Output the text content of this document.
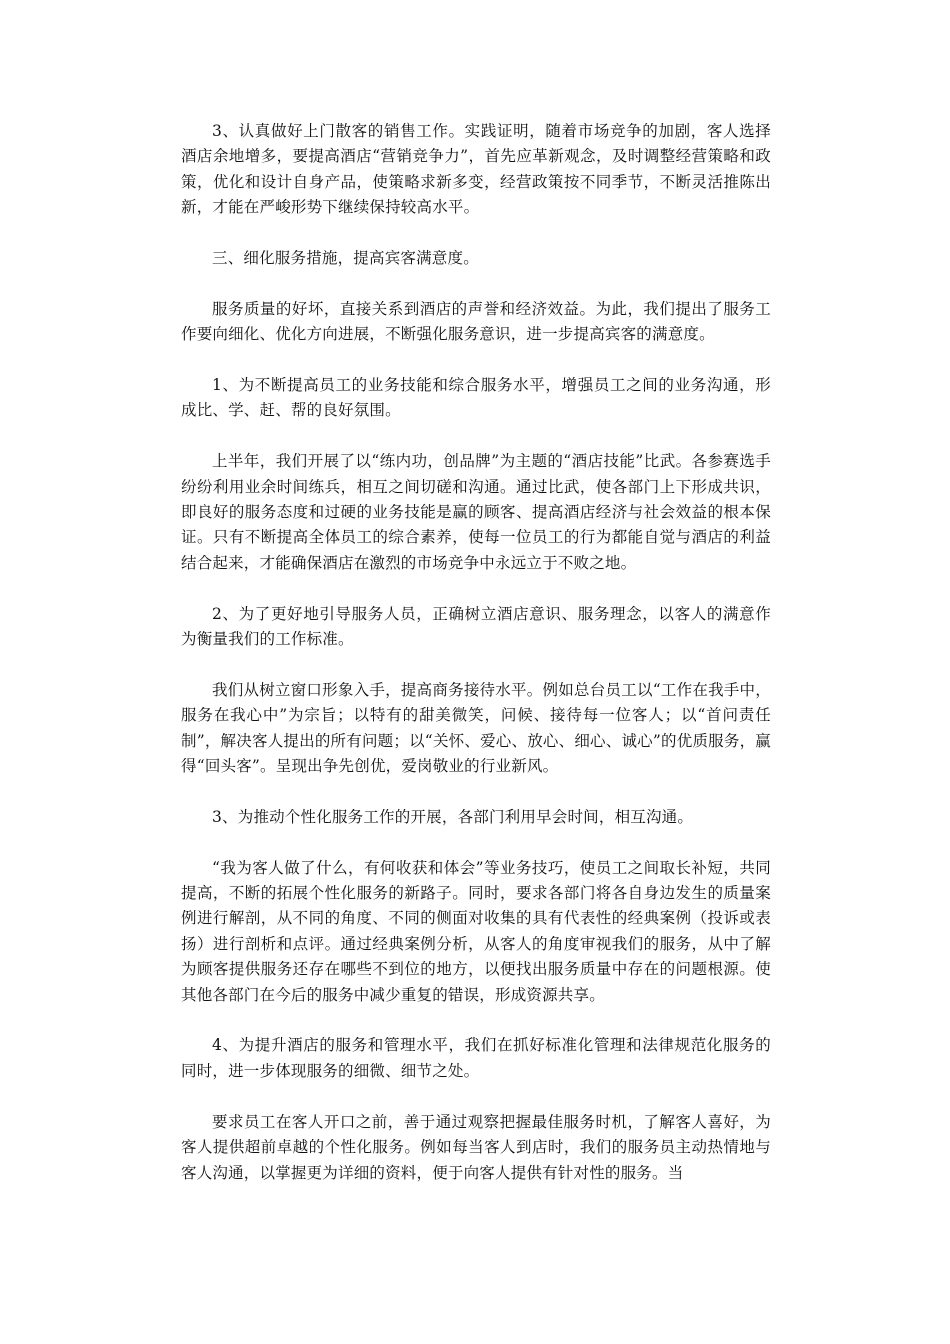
3、认真做好上门散客的销售工作。实践证明，随着市场竞争的加剧，客人选择酒店余地增多，要提高酒店“营销竞争力”，首先应革新观念，及时调整经营策略和政策，优化和设计自身产品，使策略求新多变，经营政策按不同季节，不断灵活推陈出新，才能在严峻形势下继续保持较高水平。

三、细化服务措施，提高宾客满意度。

服务质量的好坏，直接关系到酒店的声誉和经济效益。为此，我们提出了服务工作要向细化、优化方向进展，不断强化服务意识，进一步提高宾客的满意度。

1、为不断提高员工的业务技能和综合服务水平，增强员工之间的业务沟通，形成比、学、赶、帮的良好氛围。

上半年，我们开展了以“练内功，创品牌”为主题的“酒店技能”比武。各参赛选手纷纷利用业余时间练兵，相互之间切磋和沟通。通过比武，使各部门上下形成共识，即良好的服务态度和过硬的业务技能是赢的顾客、提高酒店经济与社会效益的根本保证。只有不断提高全体员工的综合素养，使每一位员工的行为都能自觉与酒店的利益结合起来，才能确保酒店在激烈的市场竞争中永远立于不败之地。

2、为了更好地引导服务人员，正确树立酒店意识、服务理念，以客人的满意作为衡量我们的工作标准。

我们从树立窗口形象入手，提高商务接待水平。例如总台员工以“工作在我手中，服务在我心中”为宗旨；以特有的甜美微笑，问候、接待每一位客人；以“首问责任制”，解决客人提出的所有问题；以“关怀、爱心、放心、细心、诚心”的优质服务，赢得“回头客”。呈现出争先创优，爱岗敬业的行业新风。

3、为推动个性化服务工作的开展，各部门利用早会时间，相互沟通。

“我为客人做了什么，有何收获和体会”等业务技巧，使员工之间取长补短，共同提高，不断的拓展个性化服务的新路子。同时，要求各部门将各自身边发生的质量案例进行解剖，从不同的角度、不同的侧面对收集的具有代表性的经典案例（投诉或表扬）进行剖析和点评。通过经典案例分析，从客人的角度审视我们的服务，从中了解为顾客提供服务还存在哪些不到位的地方，以便找出服务质量中存在的问题根源。使其他各部门在今后的服务中减少重复的错误，形成资源共享。

4、为提升酒店的服务和管理水平，我们在抓好标准化管理和法律规范化服务的同时，进一步体现服务的细微、细节之处。

要求员工在客人开口之前，善于通过观察把握最佳服务时机，了解客人喜好，为客人提供超前卓越的个性化服务。例如每当客人到店时，我们的服务员主动热情地与客人沟通，以掌握更为详细的资料，便于向客人提供有针对性的服务。当
